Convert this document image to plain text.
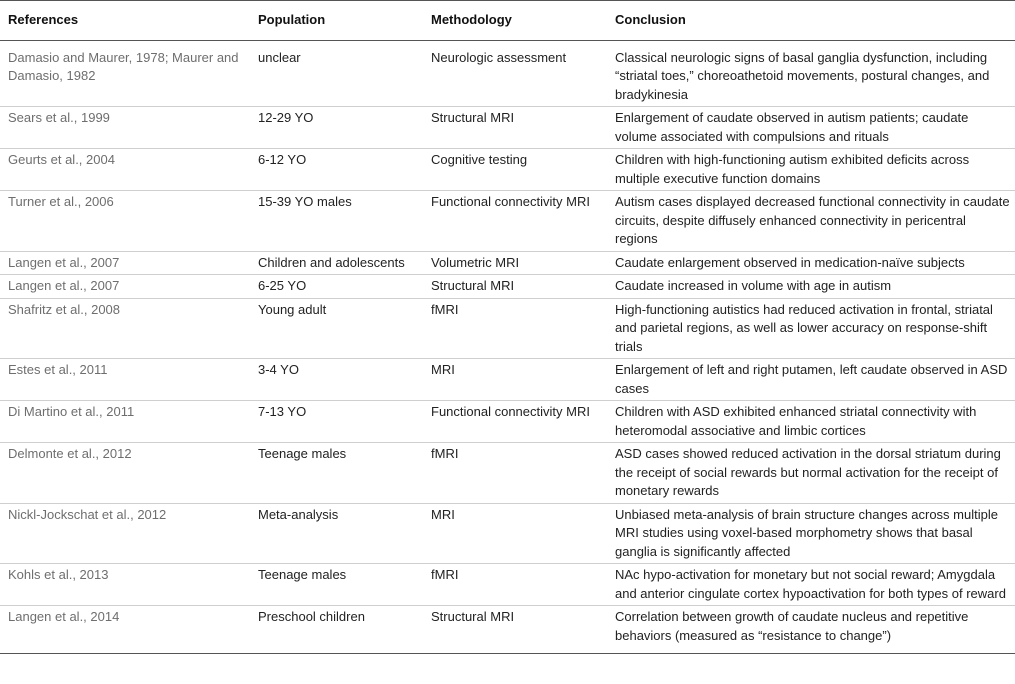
References	Population	Methodology	Conclusion
Damasio and Maurer, 1978; Maurer and Damasio, 1982	unclear	Neurologic assessment	Classical neurologic signs of basal ganglia dysfunction, including “striatal toes,” choreoathetoid movements, postural changes, and bradykinesia
Sears et al., 1999	12-29 YO	Structural MRI	Enlargement of caudate observed in autism patients; caudate volume associated with compulsions and rituals
Geurts et al., 2004	6-12 YO	Cognitive testing	Children with high-functioning autism exhibited deficits across multiple executive function domains
Turner et al., 2006	15-39 YO males	Functional connectivity MRI	Autism cases displayed decreased functional connectivity in caudate circuits, despite diffusely enhanced connectivity in pericentral regions
Langen et al., 2007	Children and adolescents	Volumetric MRI	Caudate enlargement observed in medication-naïve subjects
Langen et al., 2007	6-25 YO	Structural MRI	Caudate increased in volume with age in autism
Shafritz et al., 2008	Young adult	fMRI	High-functioning autistics had reduced activation in frontal, striatal and parietal regions, as well as lower accuracy on response-shift trials
Estes et al., 2011	3-4 YO	MRI	Enlargement of left and right putamen, left caudate observed in ASD cases
Di Martino et al., 2011	7-13 YO	Functional connectivity MRI	Children with ASD exhibited enhanced striatal connectivity with heteromodal associative and limbic cortices
Delmonte et al., 2012	Teenage males	fMRI	ASD cases showed reduced activation in the dorsal striatum during the receipt of social rewards but normal activation for the receipt of monetary rewards
Nickl-Jockschat et al., 2012	Meta-analysis	MRI	Unbiased meta-analysis of brain structure changes across multiple MRI studies using voxel-based morphometry shows that basal ganglia is significantly affected
Kohls et al., 2013	Teenage males	fMRI	NAc hypo-activation for monetary but not social reward; Amygdala and anterior cingulate cortex hypoactivation for both types of reward
Langen et al., 2014	Preschool children	Structural MRI	Correlation between growth of caudate nucleus and repetitive behaviors (measured as “resistance to change”)
